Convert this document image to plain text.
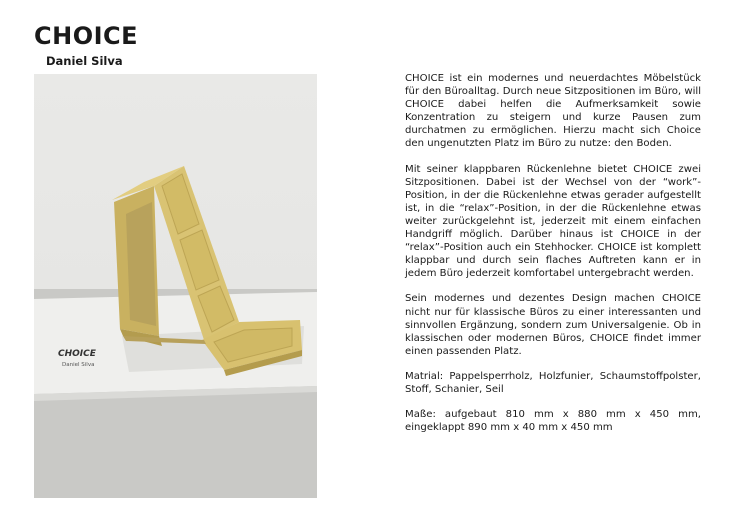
CHOICE

Daniel Silva

CHOICE
Daniel Silva

CHOICE ist ein modernes und neuerdachtes Möbelstück für den Büroalltag. Durch neue Sitzpositionen im Büro, will CHOICE dabei helfen die Aufmerksamkeit sowie Konzentration zu steigern und kurze Pausen zum durchatmen zu ermöglichen. Hierzu macht sich Choice den ungenutzten Platz im Büro zu nutze: den Boden.

Mit seiner klappbaren Rückenlehne bietet CHOICE zwei Sitzpositionen. Dabei ist der Wechsel von der “work”-Position, in der die Rückenlehne etwas gerader aufgestellt ist, in die “relax”-Position, in der die Rückenlehne etwas weiter zurückgelehnt ist, jederzeit mit einem einfachen Handgriff möglich. Darüber hinaus ist CHOICE in der “relax”-Position auch ein Stehhocker. CHOICE ist komplett klappbar und durch sein flaches Auftreten kann er in jedem Büro jederzeit komfortabel untergebracht werden.

Sein modernes und dezentes Design machen CHOICE nicht nur für klassische Büros zu einer interessanten und sinnvollen Ergänzung, sondern zum Universalgenie. Ob in klassischen oder modernen Büros, CHOICE findet immer einen passenden Platz.

Matrial: Pappelsperrholz, Holzfunier, Schaumstoffpolster, Stoff, Schanier, Seil

Maße: aufgebaut 810 mm x 880 mm x 450 mm, eingeklappt 890 mm x 40 mm x 450 mm
